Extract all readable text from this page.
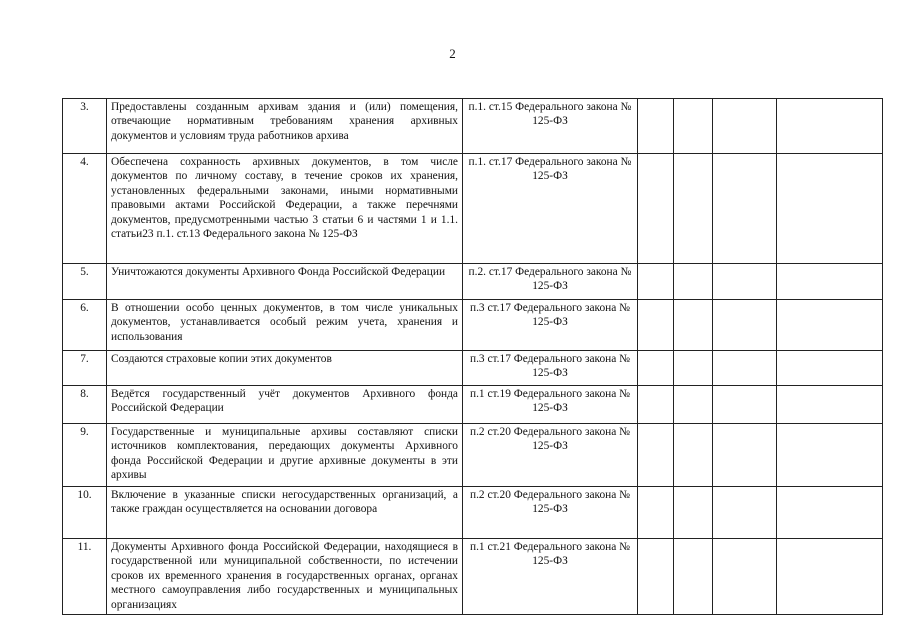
2
3.	Предоставлены созданным архивам здания и (или) помещения, отвечающие нормативным требованиям хранения архивных документов и условиям труда работников архива	п.1. ст.15 Федерального закона № 125-ФЗ				
4.	Обеспечена сохранность архивных документов, в том числе документов по личному составу, в течение сроков их хранения, установленных федеральными законами, иными нормативными правовыми актами Российской Федерации, а также перечнями документов, предусмотренными частью 3 статьи 6 и частями 1 и 1.1. статьи23 п.1. ст.13 Федерального закона № 125-ФЗ	п.1. ст.17 Федерального закона № 125-ФЗ				
5.	Уничтожаются документы Архивного Фонда Российской Федерации	п.2. ст.17 Федерального закона № 125-ФЗ				
6.	В отношении особо ценных документов, в том числе уникальных документов, устанавливается особый режим учета, хранения и использования	п.3 ст.17 Федерального закона № 125-ФЗ				
7.	Создаются страховые копии этих документов	п.3 ст.17 Федерального закона № 125-ФЗ				
8.	Ведётся государственный учёт документов Архивного фонда Российской Федерации	п.1 ст.19 Федерального закона № 125-ФЗ				
9.	Государственные и муниципальные архивы составляют списки источников комплектования, передающих документы Архивного фонда Российской Федерации и другие архивные документы в эти архивы	п.2 ст.20 Федерального закона № 125-ФЗ				
10.	Включение в указанные списки негосударственных организаций, а также граждан осуществляется на основании договора	п.2 ст.20 Федерального закона № 125-ФЗ				
11.	Документы Архивного фонда Российской Федерации, находящиеся в государственной или муниципальной собственности, по истечении сроков их временного хранения в государственных органах, органах местного самоуправления либо государственных и муниципальных организациях	п.1 ст.21 Федерального закона № 125-ФЗ				
